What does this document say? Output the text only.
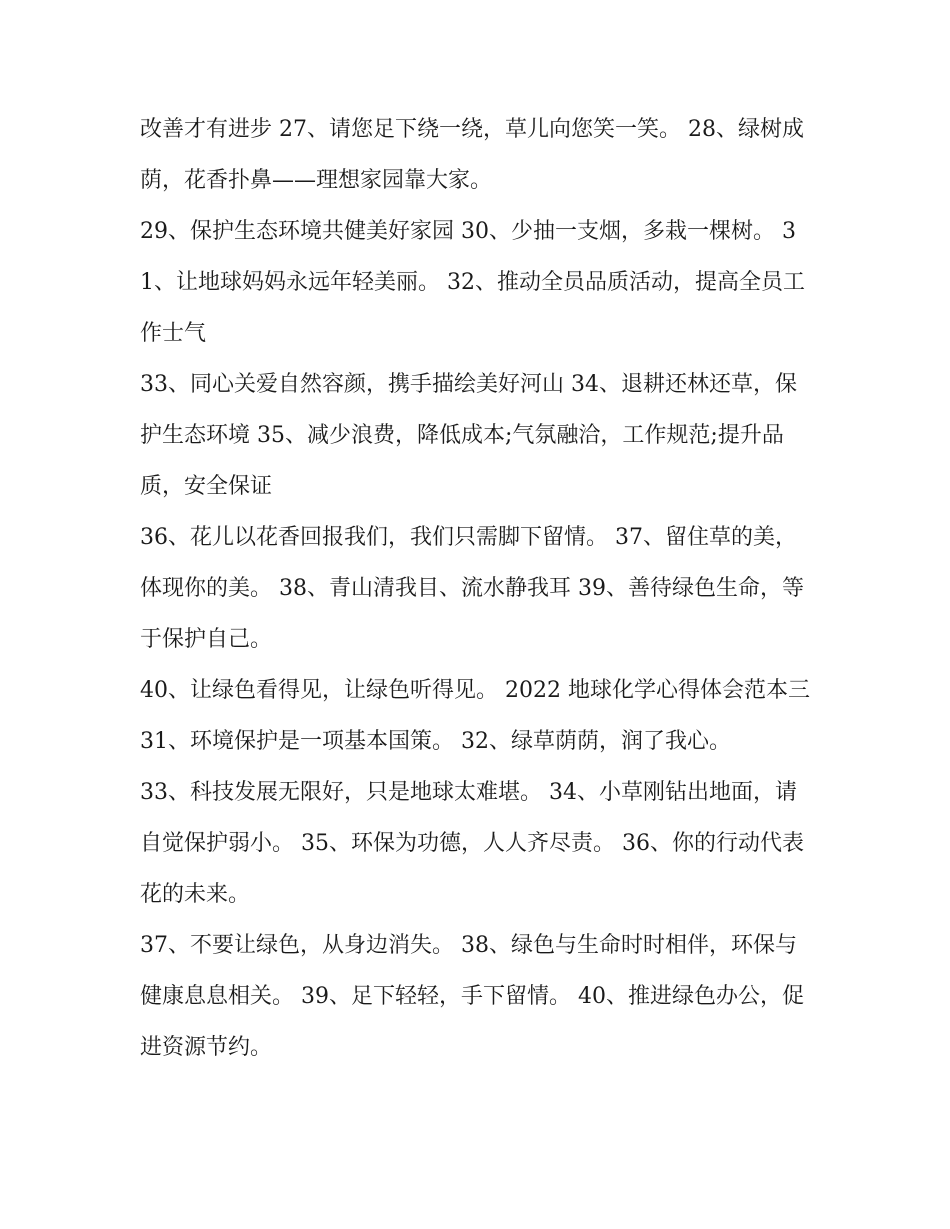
改善才有进步 27、请您足下绕一绕，草儿向您笑一笑。 28、绿树成荫，花香扑鼻——理想家园靠大家。

29、保护生态环境共健美好家园 30、少抽一支烟，多栽一棵树。 31、让地球妈妈永远年轻美丽。 32、推动全员品质活动，提高全员工作士气

33、同心关爱自然容颜，携手描绘美好河山 34、退耕还林还草，保护生态环境 35、减少浪费，降低成本;气氛融洽，工作规范;提升品质，安全保证

36、花儿以花香回报我们，我们只需脚下留情。 37、留住草的美，体现你的美。 38、青山清我目、流水静我耳 39、善待绿色生命，等于保护自己。

40、让绿色看得见，让绿色听得见。 2022 地球化学心得体会范本三 31、环境保护是一项基本国策。 32、绿草荫荫，润了我心。

33、科技发展无限好，只是地球太难堪。 34、小草刚钻出地面，请自觉保护弱小。 35、环保为功德，人人齐尽责。 36、你的行动代表花的未来。

37、不要让绿色，从身边消失。 38、绿色与生命时时相伴，环保与健康息息相关。 39、足下轻轻，手下留情。 40、推进绿色办公，促进资源节约。
